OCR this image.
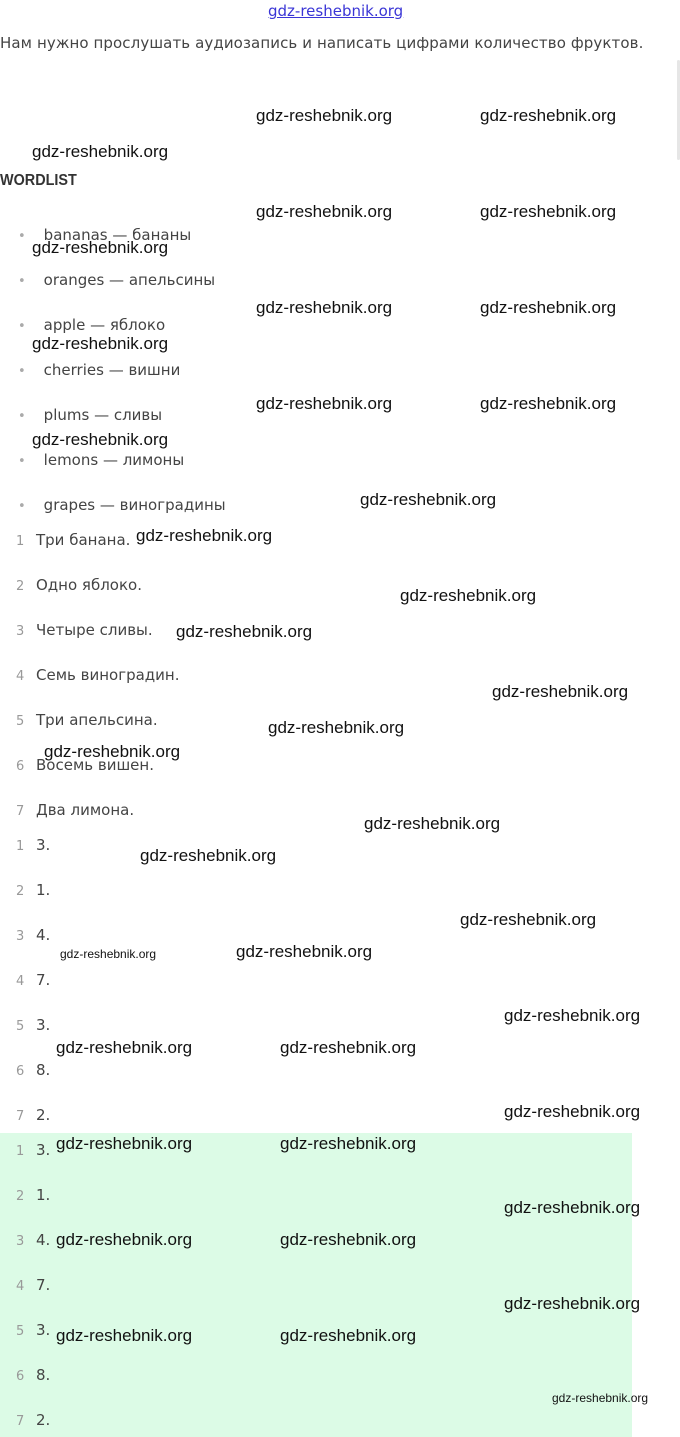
gdz-reshebnik.org
Нам нужно прослушать аудиозапись и написать цифрами количество фруктов.
WORDLIST
• bananas — бананы
• oranges — апельсины
• apple — яблоко
• cherries — вишни
• plums — сливы
• lemons — лимоны
• grapes — виноградины
1 Три банана.
2 Одно яблоко.
3 Четыре сливы.
4 Семь виноградин.
5 Три апельсина.
6 Восемь вишен.
7 Два лимона.
1 3.
2 1.
3 4.
4 7.
5 3.
6 8.
7 2.
1 3.
2 1.
3 4.
4 7.
5 3.
6 8.
7 2.
gdz-reshebnik.org	gdz-reshebnik.org
gdz-reshebnik.org
gdz-reshebnik.org	gdz-reshebnik.org
gdz-reshebnik.org
gdz-reshebnik.org	gdz-reshebnik.org
gdz-reshebnik.org
gdz-reshebnik.org	gdz-reshebnik.org
gdz-reshebnik.org
gdz-reshebnik.org
gdz-reshebnik.org
gdz-reshebnik.org
gdz-reshebnik.org
gdz-reshebnik.org
gdz-reshebnik.org
gdz-reshebnik.org
gdz-reshebnik.org
gdz-reshebnik.org
gdz-reshebnik.org
gdz-reshebnik.org
gdz-reshebnik.org
gdz-reshebnik.org
gdz-reshebnik.org	gdz-reshebnik.org
gdz-reshebnik.org
gdz-reshebnik.org	gdz-reshebnik.org
gdz-reshebnik.org
gdz-reshebnik.org	gdz-reshebnik.org
gdz-reshebnik.org
gdz-reshebnik.org	gdz-reshebnik.org
gdz-reshebnik.org
